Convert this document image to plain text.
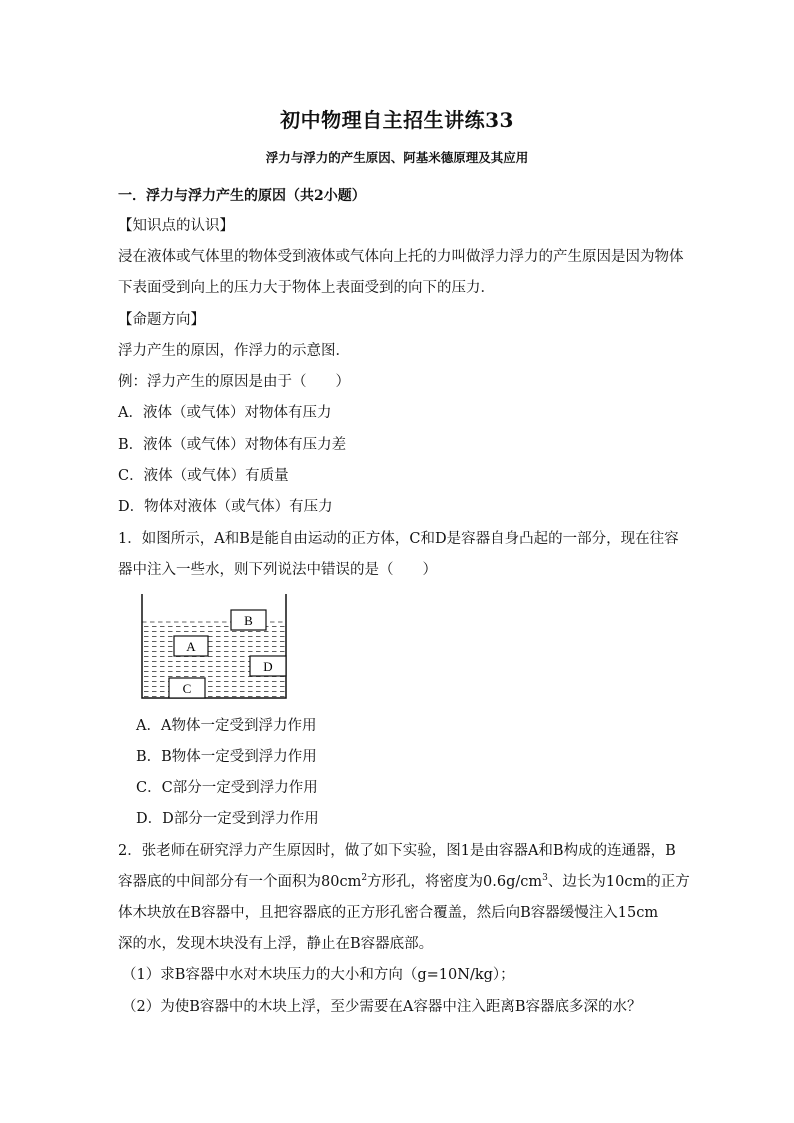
初中物理自主招生讲练33
浮力与浮力的产生原因、阿基米德原理及其应用
一．浮力与浮力产生的原因（共2小题）
【知识点的认识】
浸在液体或气体里的物体受到液体或气体向上托的力叫做浮力浮力的产生原因是因为物体
下表面受到向上的压力大于物体上表面受到的向下的压力．
【命题方向】
浮力产生的原因，作浮力的示意图．
例：浮力产生的原因是由于（　　）
A．液体（或气体）对物体有压力
B．液体（或气体）对物体有压力差
C．液体（或气体）有质量
D．物体对液体（或气体）有压力
1．如图所示，A和B是能自由运动的正方体，C和D是容器自身凸起的一部分，现在往容
器中注入一些水，则下列说法中错误的是（　　）
B
A
D
C
A．A物体一定受到浮力作用
B．B物体一定受到浮力作用
C．C部分一定受到浮力作用
D．D部分一定受到浮力作用
2．张老师在研究浮力产生原因时，做了如下实验，图1是由容器A和B构成的连通器，B
容器底的中间部分有一个面积为$80cm^2$方形孔，将密度为$0.6g/cm^3$、边长为10cm的正方
体木块放在B容器中，且把容器底的正方形孔密合覆盖，然后向B容器缓慢注入15cm
深的水，发现木块没有上浮，静止在B容器底部。
（1）求B容器中水对木块压力的大小和方向（g=10N/kg）；
（2）为使B容器中的木块上浮，至少需要在A容器中注入距离B容器底多深的水？
